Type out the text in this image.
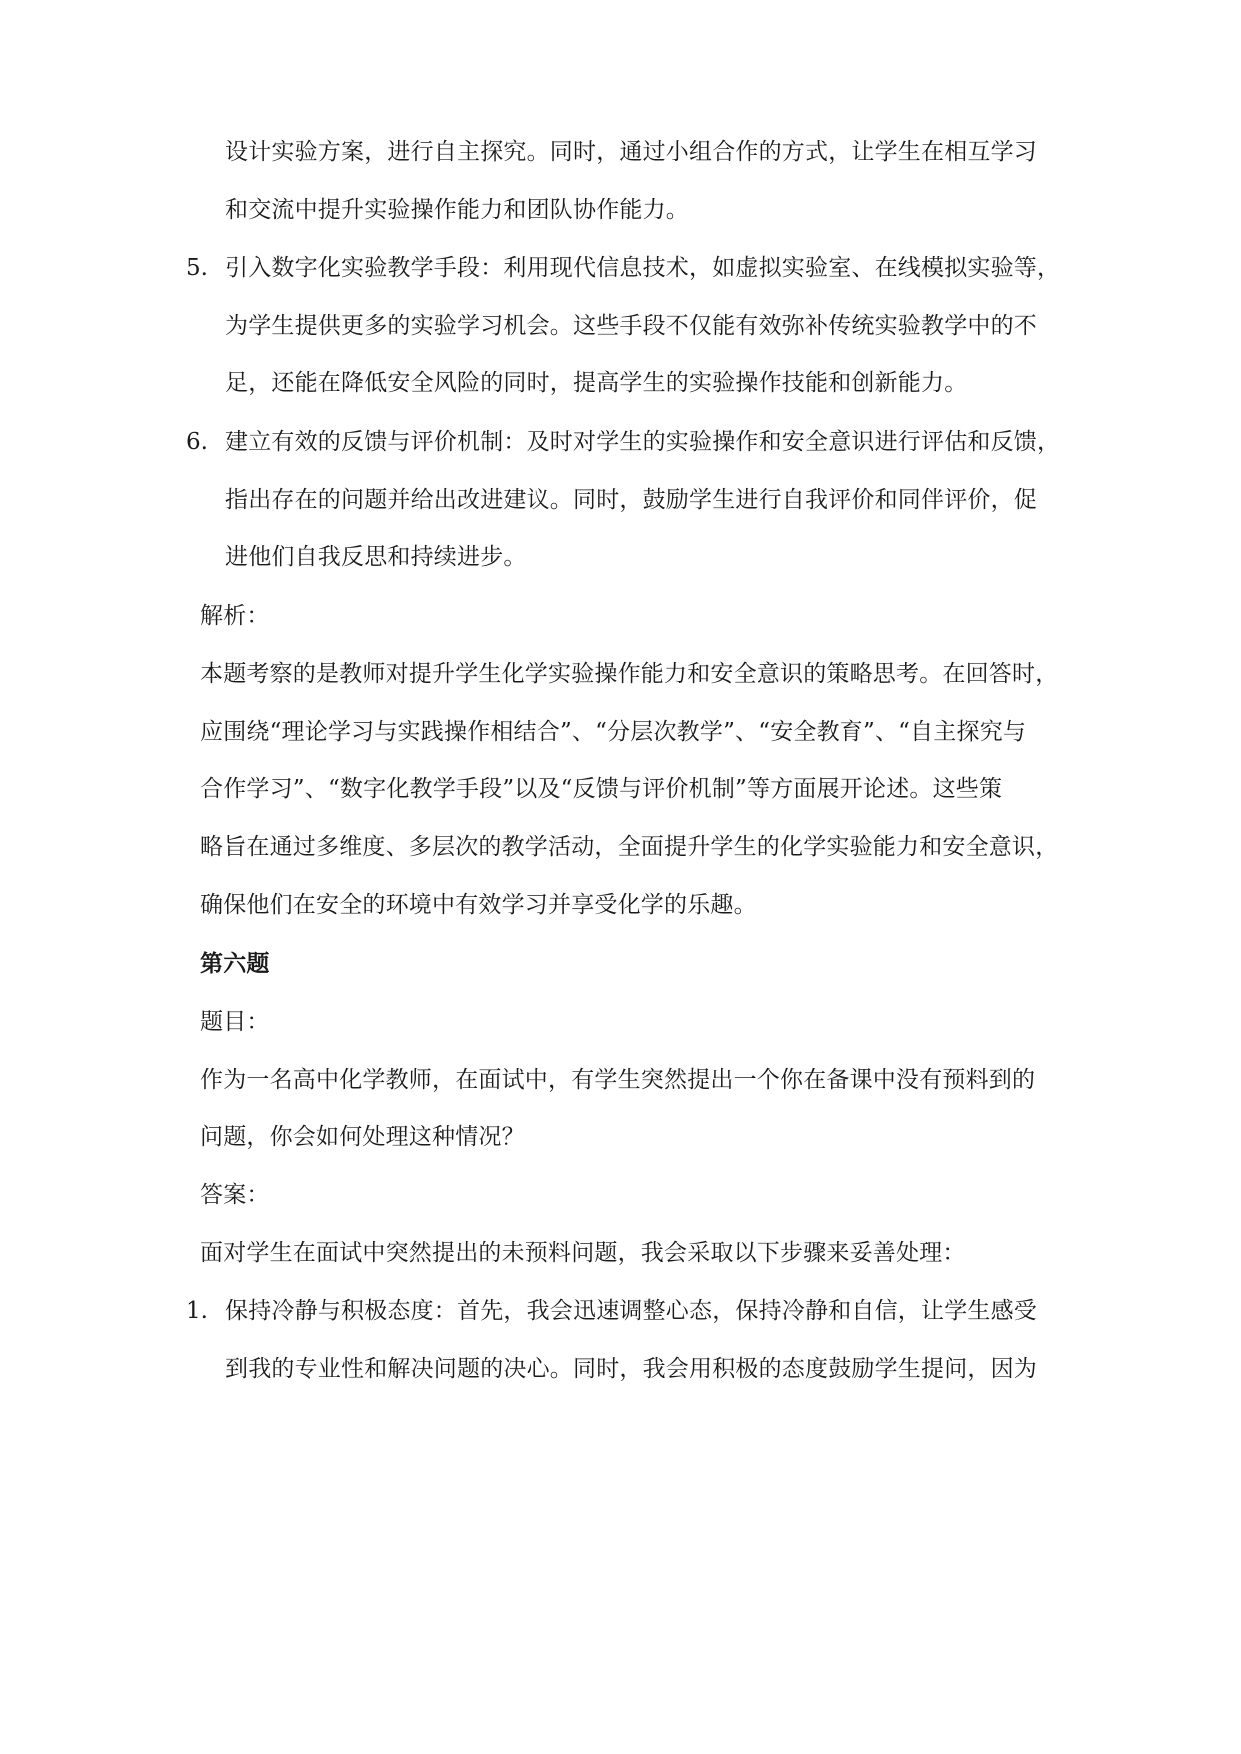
设计实验方案，进行自主探究。同时，通过小组合作的方式，让学生在相互学习
和交流中提升实验操作能力和团队协作能力。
5. 引入数字化实验教学手段：利用现代信息技术，如虚拟实验室、在线模拟实验等，
为学生提供更多的实验学习机会。这些手段不仅能有效弥补传统实验教学中的不
足，还能在降低安全风险的同时，提高学生的实验操作技能和创新能力。
6. 建立有效的反馈与评价机制：及时对学生的实验操作和安全意识进行评估和反馈，
指出存在的问题并给出改进建议。同时，鼓励学生进行自我评价和同伴评价，促
进他们自我反思和持续进步。
解析：
本题考察的是教师对提升学生化学实验操作能力和安全意识的策略思考。在回答时，
应围绕“理论学习与实践操作相结合”、“分层次教学”、“安全教育”、“自主探究与
合作学习”、“数字化教学手段”以及“反馈与评价机制”等方面展开论述。这些策
略旨在通过多维度、多层次的教学活动，全面提升学生的化学实验能力和安全意识，
确保他们在安全的环境中有效学习并享受化学的乐趣。
第六题
题目：
作为一名高中化学教师，在面试中，有学生突然提出一个你在备课中没有预料到的
问题，你会如何处理这种情况？
答案：
面对学生在面试中突然提出的未预料问题，我会采取以下步骤来妥善处理：
1. 保持冷静与积极态度：首先，我会迅速调整心态，保持冷静和自信，让学生感受
到我的专业性和解决问题的决心。同时，我会用积极的态度鼓励学生提问，因为
